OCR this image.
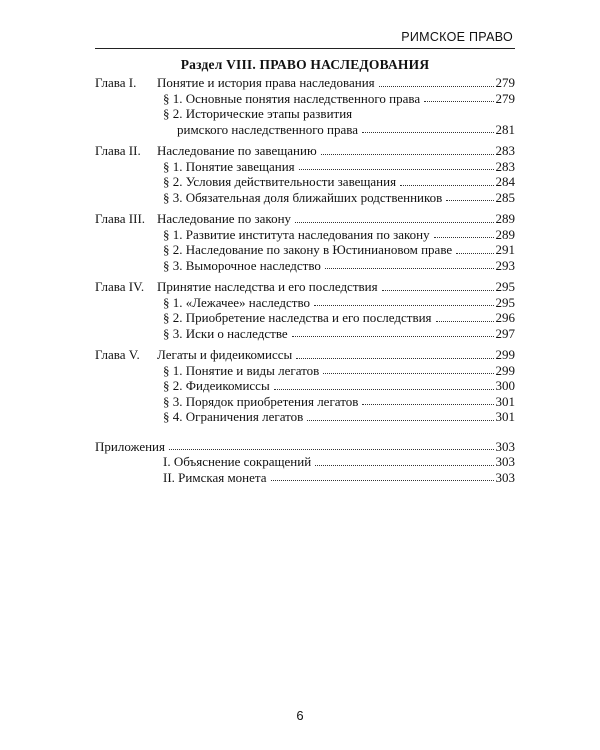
РИМСКОЕ ПРАВО
Раздел VIII. ПРАВО НАСЛЕДОВАНИЯ
Глава I. Понятие и история права наследования	279
§ 1. Основные понятия наследственного права	279
§ 2. Исторические этапы развития
римского наследственного права	281
Глава II. Наследование по завещанию	283
§ 1. Понятие завещания	283
§ 2. Условия действительности завещания	284
§ 3. Обязательная доля ближайших родственников	285
Глава III. Наследование по закону	289
§ 1. Развитие института наследования по закону	289
§ 2. Наследование по закону в Юстиниановом праве	291
§ 3. Выморочное наследство	293
Глава IV. Принятие наследства и его последствия	295
§ 1. «Лежачее» наследство	295
§ 2. Приобретение наследства и его последствия	296
§ 3. Иски о наследстве	297
Глава V. Легаты и фидеикомиссы	299
§ 1. Понятие и виды легатов	299
§ 2. Фидеикомиссы	300
§ 3. Порядок приобретения легатов	301
§ 4. Ограничения легатов	301
Приложения	303
I. Объяснение сокращений	303
II. Римская монета	303
6
